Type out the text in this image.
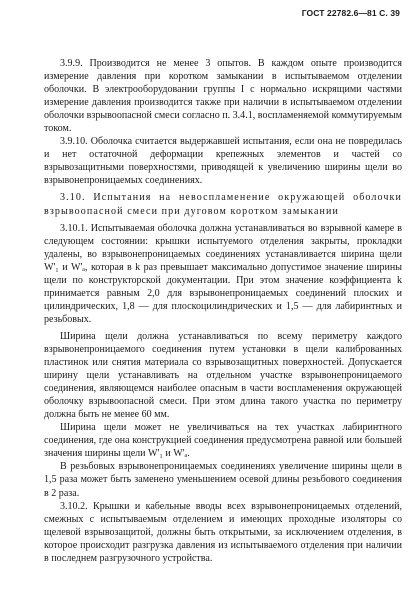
ГОСТ 22782.6—81 С. 39

3.9.9. Производится не менее 3 опытов. В каждом опыте производится измерение давления при коротком замыкании в испытываемом отделении оболочки. В электрооборудовании группы I с нормально искрящими частями измерение давления производится также при наличии в испытываемом отделении оболочки взрывоопасной смеси согласно п. 3.4.1, воспламеняемой коммутируемым током.

3.9.10. Оболочка считается выдержавшей испытания, если она не повредилась и нет остаточной деформации крепежных элементов и частей со взрывозащитными поверхностями, приводящей к увеличению ширины щели во взрывонепроницаемых соединениях.

3.10. Испытания на невоспламенение окружающей оболочки взрывоопасной смеси при дуговом коротком замыкании

3.10.1. Испытываемая оболочка должна устанавливаться во взрывной камере в следующем состоянии: крышки испытуемого отделения закрыты, прокладки удалены, во взрывонепроницаемых соединениях устанавливается ширина щели W'₁ и W'ₐ, которая в k раз превышает максимально допустимое значение ширины щели по конструкторской документации. При этом значение коэффициента k принимается равным 2,0 для взрывонепроницаемых соединений плоских и цилиндрических, 1,8 — для плоскоцилиндрических и 1,5 — для лабиринтных и резьбовых.

Ширина щели должна устанавливаться по всему периметру каждого взрывонепроницаемого соединения путем установки в щели калиброванных пластинок или снятия материала со взрывозащитных поверхностей. Допускается ширину щели устанавливать на отдельном участке взрывонепроницаемого соединения, являющемся наиболее опасным в части воспламенения окружающей оболочку взрывоопасной смеси. При этом длина такого участка по периметру должна быть не менее 60 мм.

Ширина щели может не увеличиваться на тех участках лабиринтного соединения, где она конструкцией соединения предусмотрена равной или большей значения ширины щели W'₁ и W'ₐ.

В резьбовых взрывонепроницаемых соединениях увеличение ширины щели в 1,5 раза может быть заменено уменьшением осевой длины резьбового соединения в 2 раза.

3.10.2. Крышки и кабельные вводы всех взрывонепроницаемых отделений, смежных с испытываемым отделением и имеющих проходные изоляторы со щелевой взрывозащитой, должны быть открытыми, за исключением отделения, в которое происходит разгрузка давления из испытываемого отделения при наличии в последнем разгрузочного устройства.
